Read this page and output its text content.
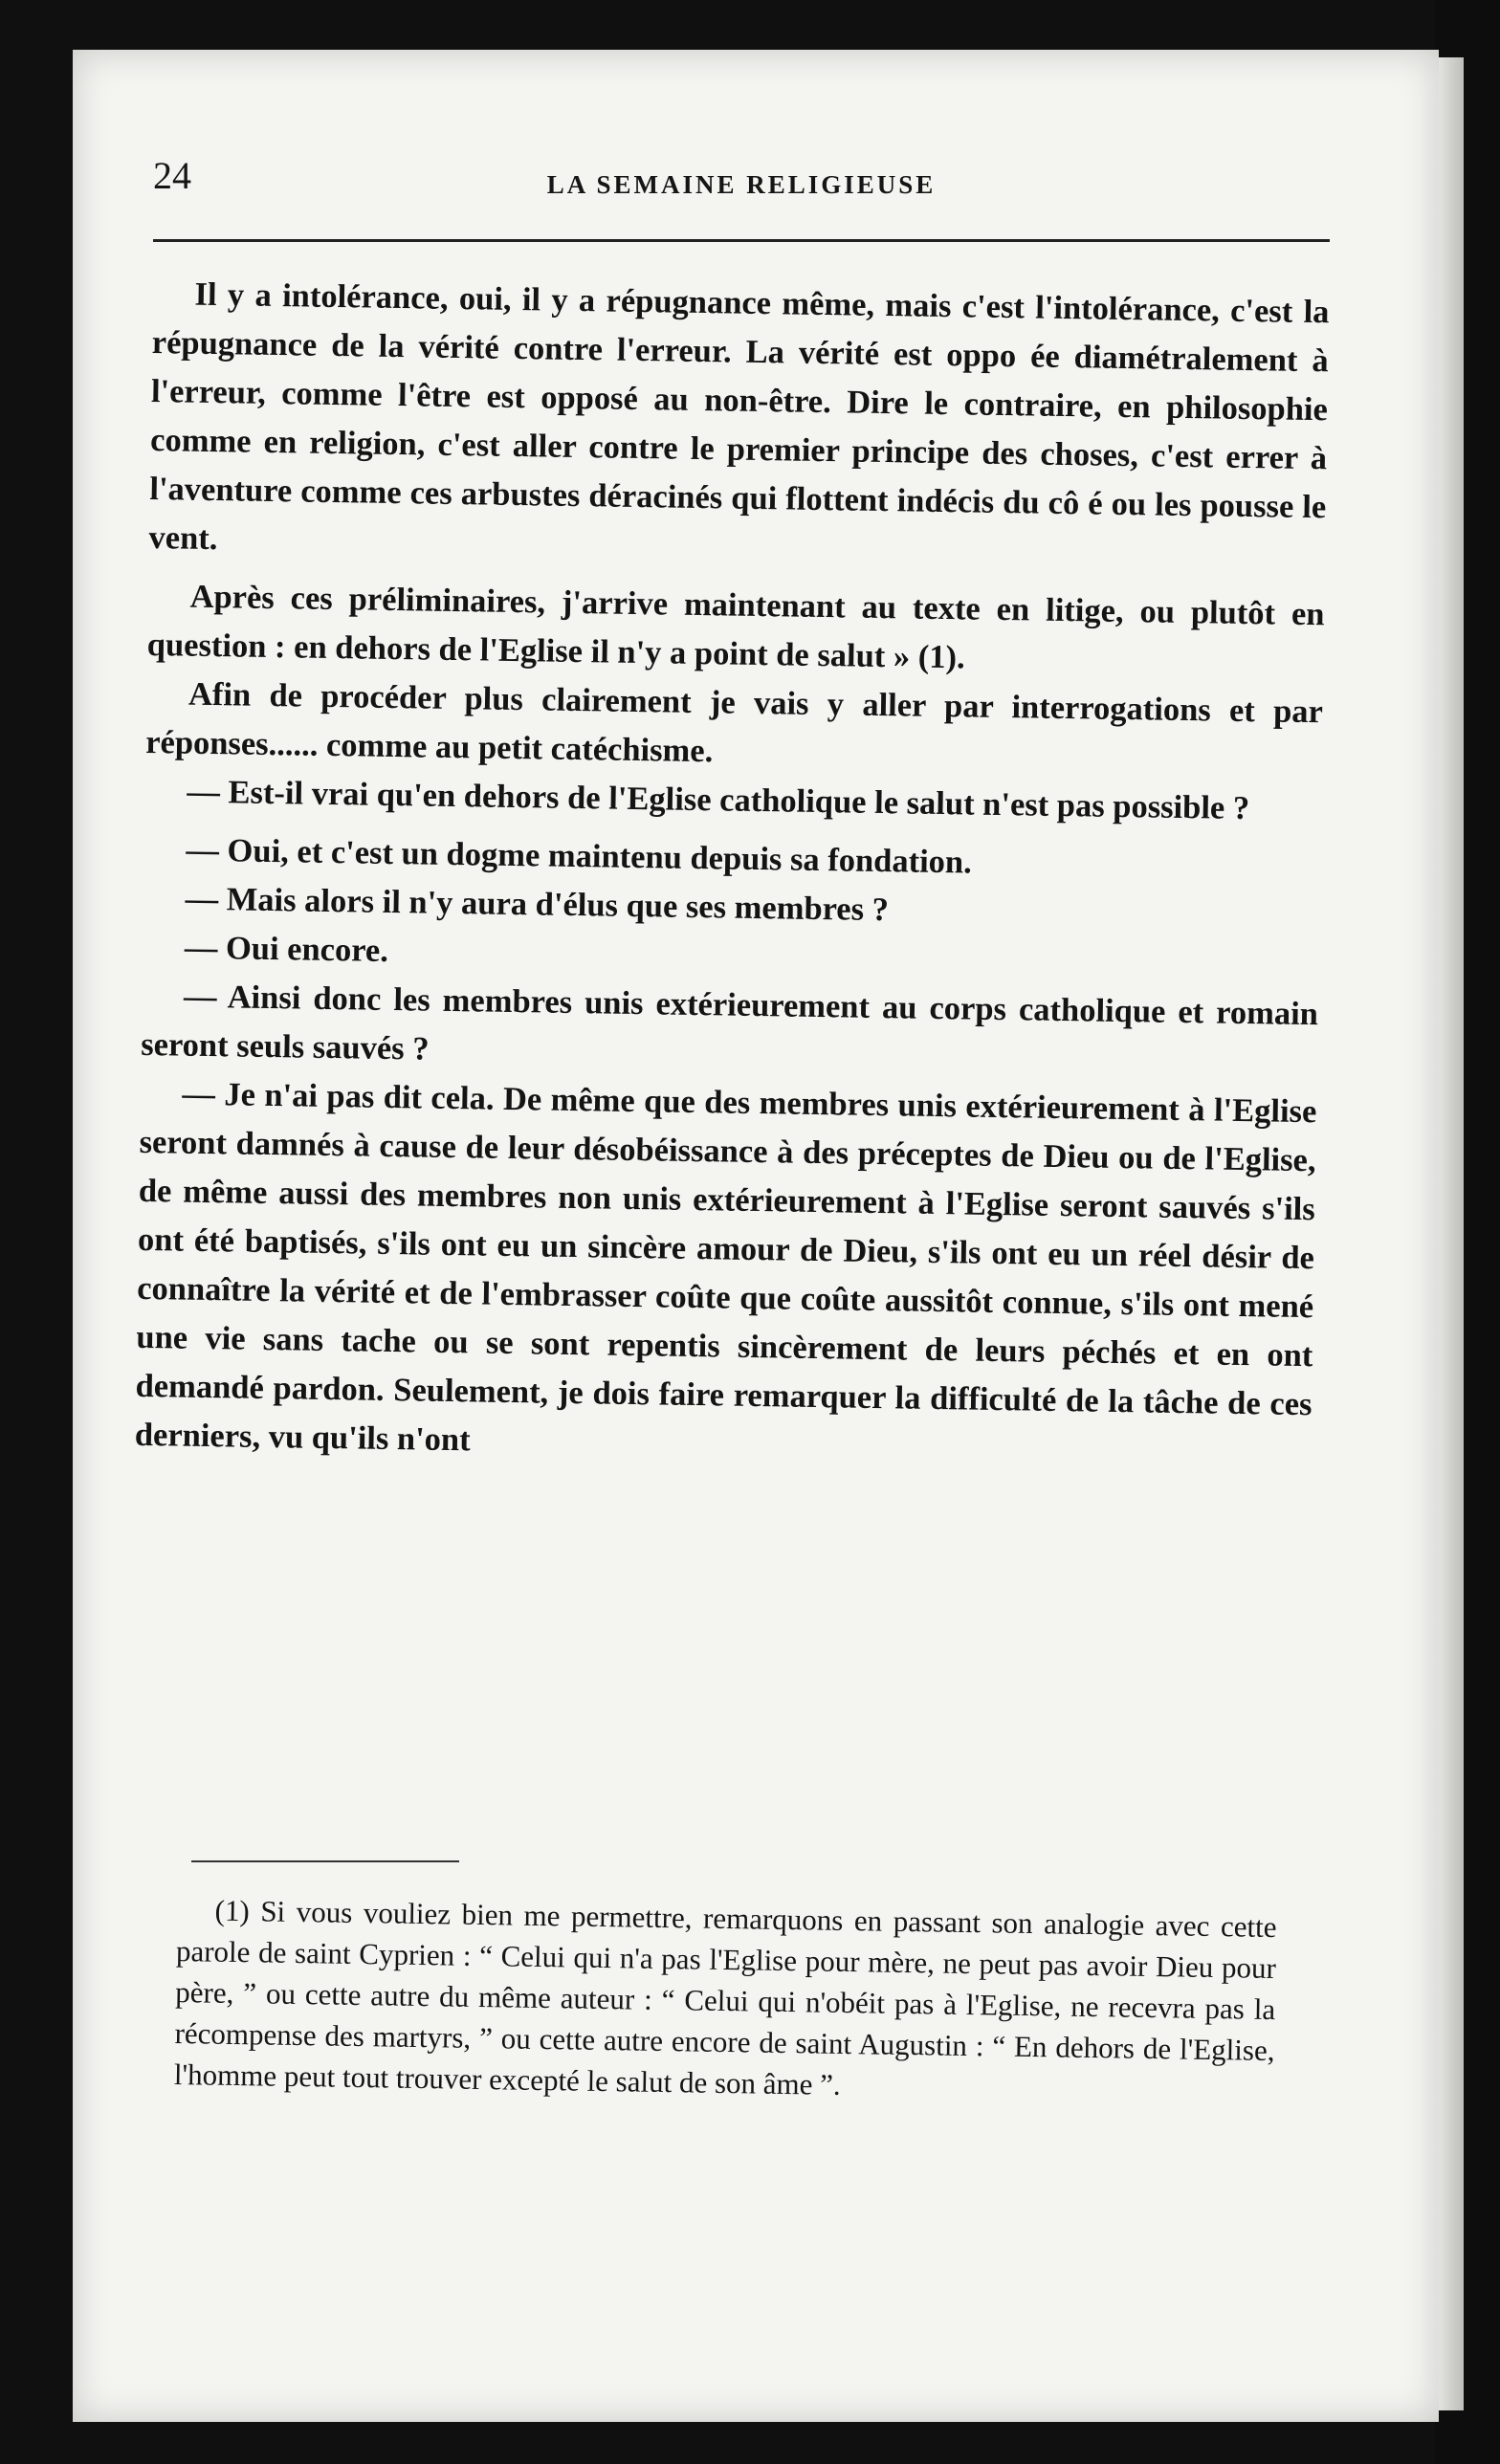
24	LA SEMAINE RELIGIEUSE

Il y a intolérance, oui, il y a répugnance même, mais c'est l'intolérance, c'est la répugnance de la vérité contre l'erreur. La vérité est oppo ée diamétralement à l'erreur, comme l'être est opposé au non-être. Dire le contraire, en philosophie comme en religion, c'est aller contre le premier principe des choses, c'est errer à l'aventure comme ces arbustes déracinés qui flottent indécis du cô é ou les pousse le vent.

Après ces préliminaires, j'arrive maintenant au texte en litige, ou plutôt en question : en dehors de l'Eglise il n'y a point de salut » (1).

Afin de procéder plus clairement je vais y aller par interrogations et par réponses...... comme au petit catéchisme.

— Est-il vrai qu'en dehors de l'Eglise catholique le salut n'est pas possible ?

— Oui, et c'est un dogme maintenu depuis sa fondation.

— Mais alors il n'y aura d'élus que ses membres ?

— Oui encore.

— Ainsi donc les membres unis extérieurement au corps catholique et romain seront seuls sauvés ?

— Je n'ai pas dit cela. De même que des membres unis extérieurement à l'Eglise seront damnés à cause de leur désobéissance à des préceptes de Dieu ou de l'Eglise, de même aussi des membres non unis extérieurement à l'Eglise seront sauvés s'ils ont été baptisés, s'ils ont eu un sincère amour de Dieu, s'ils ont eu un réel désir de connaître la vérité et de l'embrasser coûte que coûte aussitôt connue, s'ils ont mené une vie sans tache ou se sont repentis sincèrement de leurs péchés et en ont demandé pardon. Seulement, je dois faire remarquer la difficulté de la tâche de ces derniers, vu qu'ils n'ont

(1) Si vous vouliez bien me permettre, remarquons en passant son analogie avec cette parole de saint Cyprien : “ Celui qui n'a pas l'Eglise pour mère, ne peut pas avoir Dieu pour père, ” ou cette autre du même auteur : “ Celui qui n'obéit pas à l'Eglise, ne recevra pas la récompense des martyrs, ” ou cette autre encore de saint Augustin : “ En dehors de l'Eglise, l'homme peut tout trouver excepté le salut de son âme ”.
